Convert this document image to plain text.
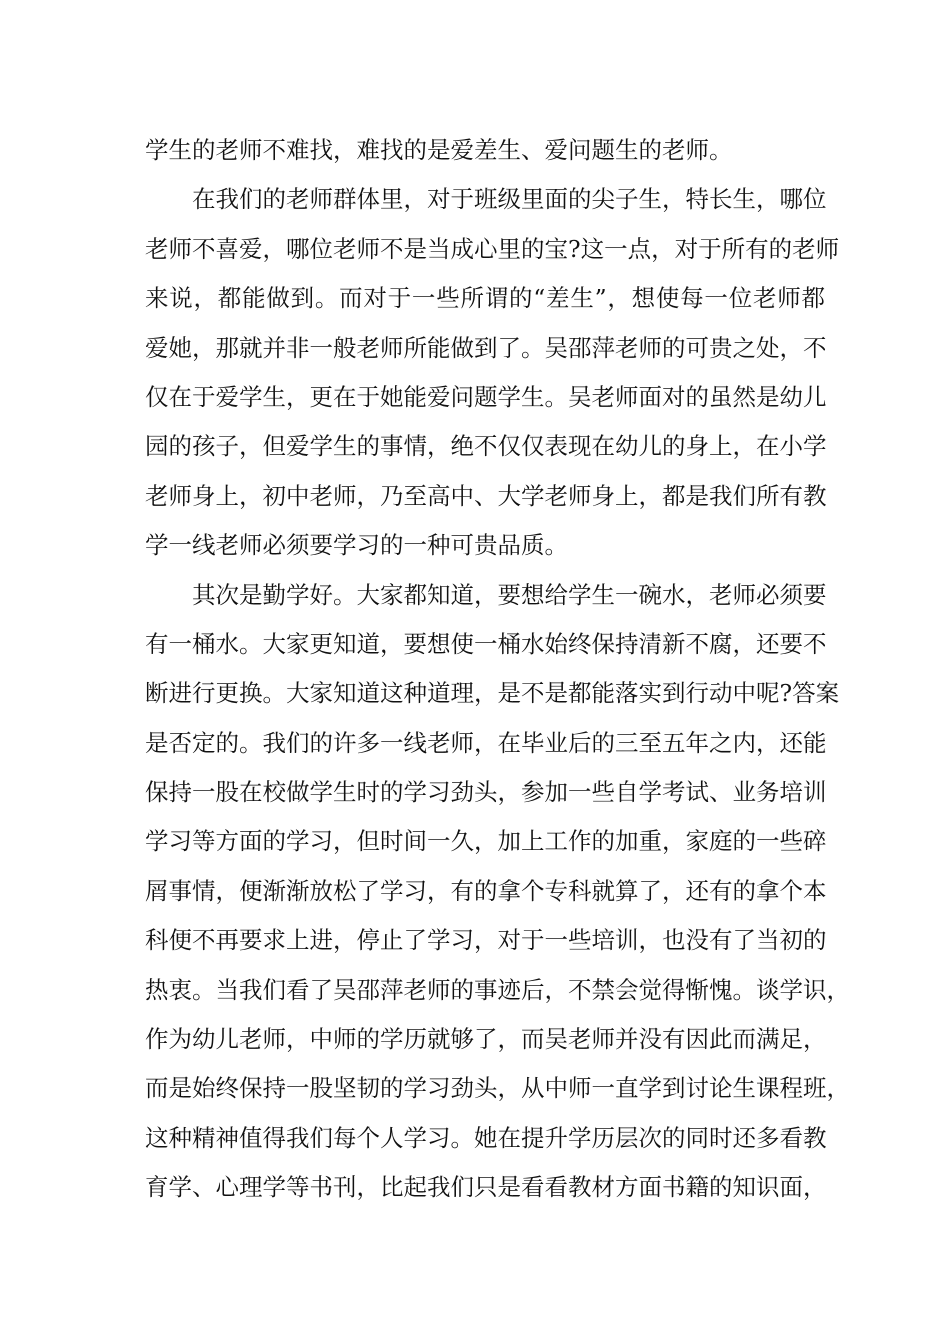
学生的老师不难找，难找的是爱差生、爱问题生的老师。
在我们的老师群体里，对于班级里面的尖子生，特长生，哪位
老师不喜爱，哪位老师不是当成心里的宝?这一点，对于所有的老师
来说，都能做到。而对于一些所谓的“差生”，想使每一位老师都
爱她，那就并非一般老师所能做到了。吴邵萍老师的可贵之处，不
仅在于爱学生，更在于她能爱问题学生。吴老师面对的虽然是幼儿
园的孩子，但爱学生的事情，绝不仅仅表现在幼儿的身上，在小学
老师身上，初中老师，乃至高中、大学老师身上，都是我们所有教
学一线老师必须要学习的一种可贵品质。
其次是勤学好。大家都知道，要想给学生一碗水，老师必须要
有一桶水。大家更知道，要想使一桶水始终保持清新不腐，还要不
断进行更换。大家知道这种道理，是不是都能落实到行动中呢?答案
是否定的。我们的许多一线老师，在毕业后的三至五年之内，还能
保持一股在校做学生时的学习劲头，参加一些自学考试、业务培训
学习等方面的学习，但时间一久，加上工作的加重，家庭的一些碎
屑事情，便渐渐放松了学习，有的拿个专科就算了，还有的拿个本
科便不再要求上进，停止了学习，对于一些培训，也没有了当初的
热衷。当我们看了吴邵萍老师的事迹后，不禁会觉得惭愧。谈学识，
作为幼儿老师，中师的学历就够了，而吴老师并没有因此而满足，
而是始终保持一股坚韧的学习劲头，从中师一直学到讨论生课程班，
这种精神值得我们每个人学习。她在提升学历层次的同时还多看教
育学、心理学等书刊，比起我们只是看看教材方面书籍的知识面，
